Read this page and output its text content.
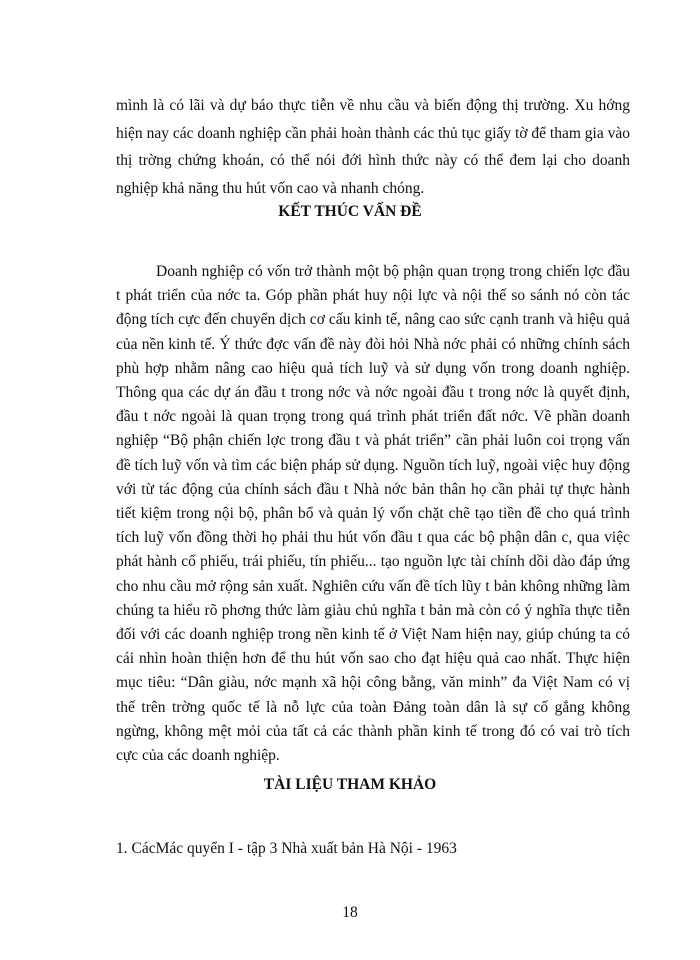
mình là có lãi và dự báo thực tiễn về nhu cầu và biến động thị trường. Xu hớng hiện nay các doanh nghiệp cần phải hoàn thành các thủ tục giấy tờ để tham gia vào thị trờng chứng khoán, có thể nói đới hình thức này có thể đem lại cho doanh nghiệp khả năng thu hút vốn cao và nhanh chóng.

KẾT THÚC VẤN ĐỀ

Doanh nghiệp có vốn trở thành một bộ phận quan trọng trong chiến lợc đầu t phát triển của nớc ta. Góp phần phát huy nội lực và nội thế so sánh nó còn tác động tích cực đến chuyển dịch cơ cấu kinh tế, nâng cao sức cạnh tranh và hiệu quả của nền kinh tế. Ý thức đợc vấn đề này đòi hỏi Nhà nớc phải có những chính sách phù hợp nhằm nâng cao hiệu quả tích luỹ và sử dụng vốn trong doanh nghiệp. Thông qua các dự án đầu t trong nớc và nớc ngoài đầu t trong nớc là quyết định, đầu t nớc ngoài là quan trọng trong quá trình phát triển đất nớc. Về phần doanh nghiệp “Bộ phận chiến lợc trong đầu t và phát triển” cần phải luôn coi trọng vấn đề tích luỹ vốn và tìm các biện pháp sử dụng. Nguồn tích luỹ, ngoài việc huy động với từ tác động của chính sách đầu t Nhà nớc bản thân họ cần phải tự thực hành tiết kiệm trong nội bộ, phân bổ và quản lý vốn chặt chẽ tạo tiền đề cho quá trình tích luỹ vốn đồng thời họ phải thu hút vốn đầu t qua các bộ phận dân c, qua việc phát hành cổ phiếu, trái phiếu, tín phiếu... tạo nguồn lực tài chính dồi dào đáp ứng cho nhu cầu mở rộng sản xuất. Nghiên cứu vấn đề tích lũy t bản không những làm chúng ta hiểu rõ phơng thức làm giàu chủ nghĩa t bản mà còn có ý nghĩa thực tiễn đối với các doanh nghiệp trong nền kinh tế ở Việt Nam hiện nay, giúp chúng ta có cái nhìn hoàn thiện hơn để thu hút vốn sao cho đạt hiệu quả cao nhất. Thực hiện mục tiêu: “Dân giàu, nớc mạnh xã hội công bằng, văn minh” đa Việt Nam có vị thế trên trờng quốc tế là nỗ lực của toàn Đảng toàn dân là sự cố gắng không ngừng, không mệt mỏi của tất cả các thành phần kinh tế trong đó có vai trò tích cực của các doanh nghiệp.

TÀI LIỆU THAM KHẢO

1. CácMác quyển I - tập 3 Nhà xuất bản Hà Nội - 1963

18
